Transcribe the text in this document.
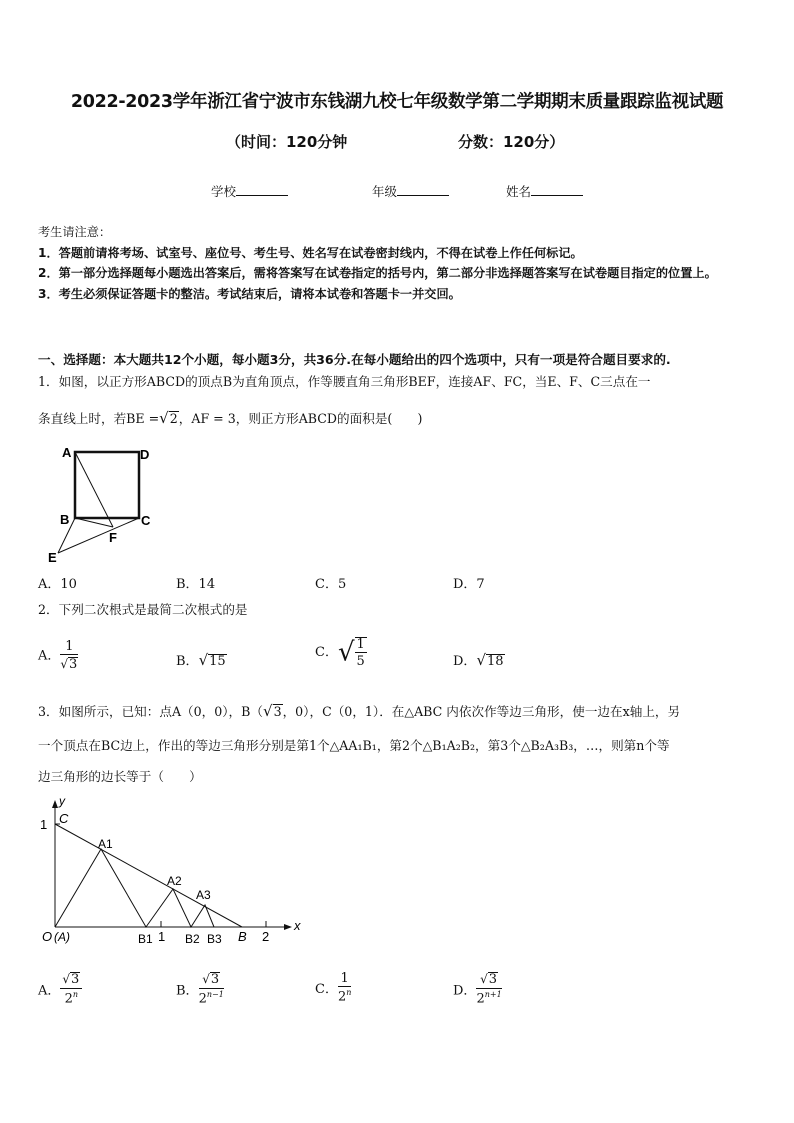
2022-2023学年浙江省宁波市东钱湖九校七年级数学第二学期期末质量跟踪监视试题
（时间：120分钟	分数：120分）
学校	年级	姓名
考生请注意：
1．答题前请将考场、试室号、座位号、考生号、姓名写在试卷密封线内，不得在试卷上作任何标记。
2．第一部分选择题每小题选出答案后，需将答案写在试卷指定的括号内，第二部分非选择题答案写在试卷题目指定的位置上。
3．考生必须保证答题卡的整洁。考试结束后，请将本试卷和答题卡一并交回。
一、选择题：本大题共12个小题，每小题3分，共36分.在每小题给出的四个选项中，只有一项是符合题目要求的.
1．如图，以正方形ABCD的顶点B为直角顶点，作等腰直角三角形BEF，连接AF、FC，当E、F、C三点在一
条直线上时，若BE =√2，AF = 3，则正方形ABCD的面积是(　　)
A	D
B	C
F
E
A．10	B．14	C．5	D．7
2．下列二次根式是最简二次根式的是
A． $\frac{1}{√3}$	B．√15
C．√ $\frac{1}{5}$	D．√18
3．如图所示，已知：点A（0，0），B（√3，0），C（0，1）．在△ABC 内依次作等边三角形，使一边在x轴上，另
一个顶点在BC边上，作出的等边三角形分别是第1个△AA₁B₁，第2个△B₁A₂B₂，第3个△B₂A₃B₃，…，则第n个等
边三角形的边长等于（　　）
y
x
1 C
A1
A2
A3
O (A)	B1 1 B2 B3 B 2
A． $\frac{√3}{2^n}$	B． $\frac{√3}{2^{n-1}}$	C． $\frac{1}{2^n}$	D． $\frac{√3}{2^{n+1}}$
